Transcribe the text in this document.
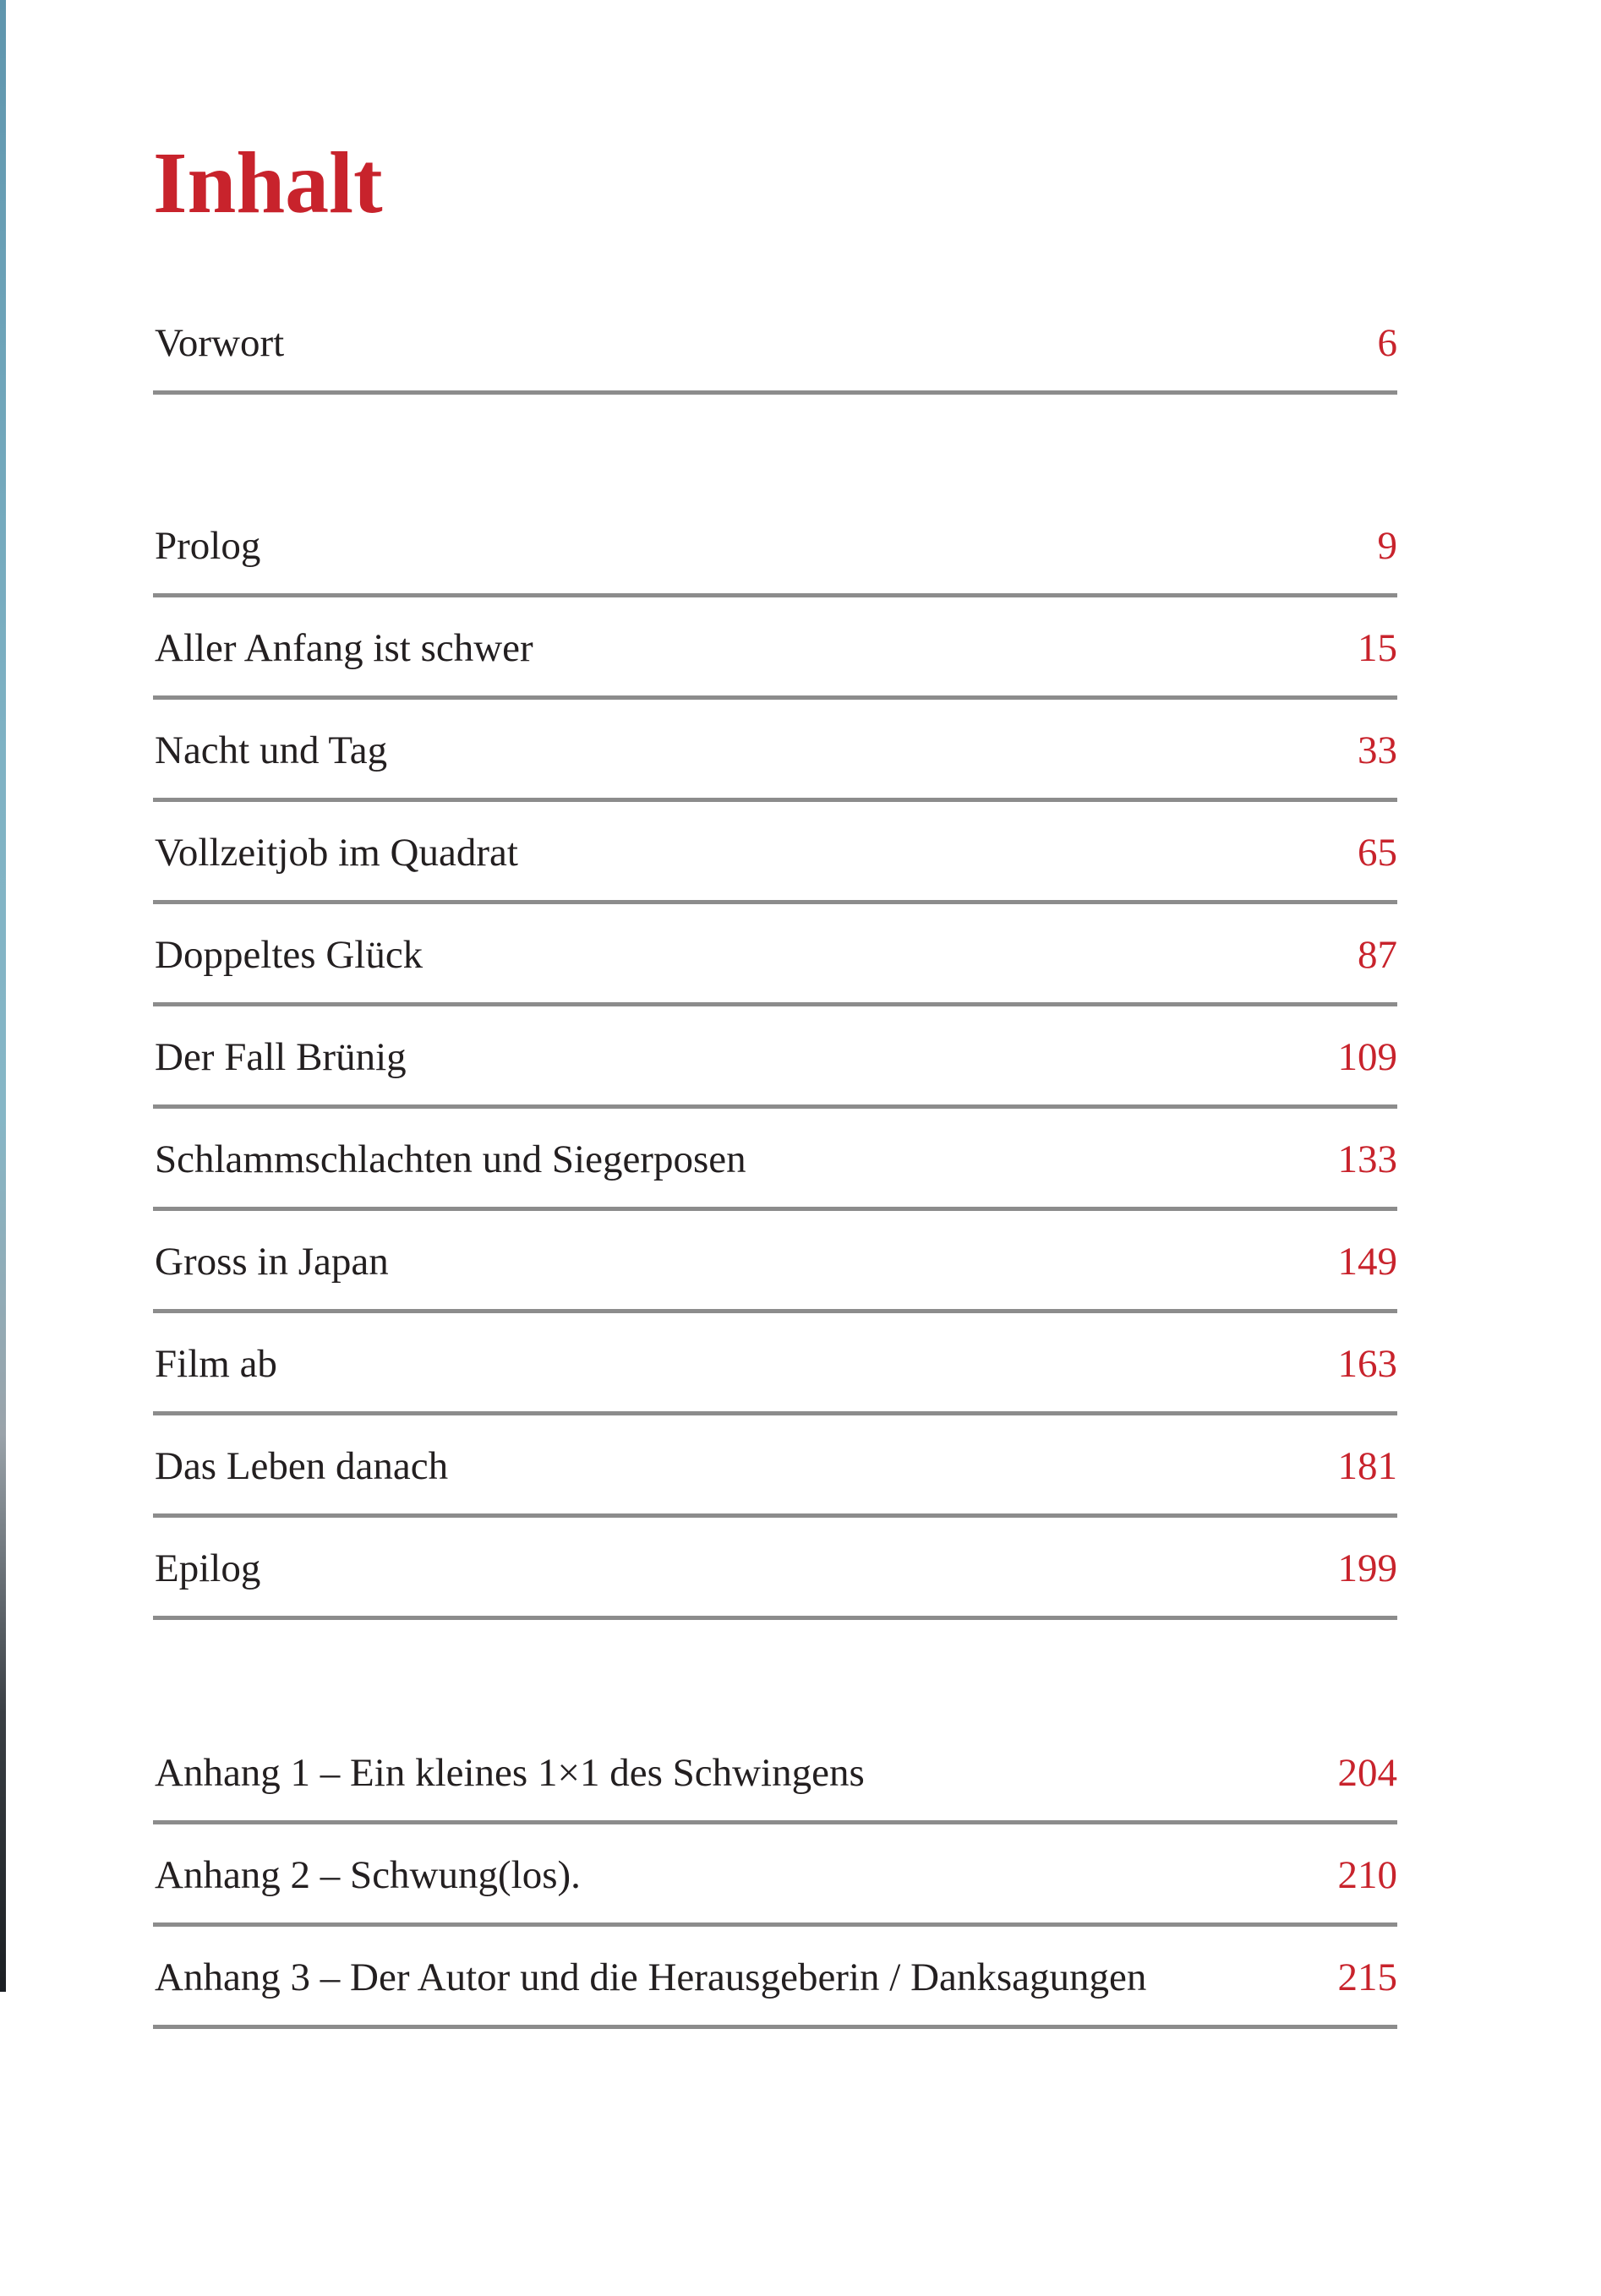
Inhalt
Vorwort	6
Prolog	9
Aller Anfang ist schwer	15
Nacht und Tag	33
Vollzeitjob im Quadrat	65
Doppeltes Glück	87
Der Fall Brünig	109
Schlammschlachten und Siegerposen	133
Gross in Japan	149
Film ab	163
Das Leben danach	181
Epilog	199
Anhang 1 – Ein kleines 1×1 des Schwingens	204
Anhang 2 – Schwung(los).	210
Anhang 3 – Der Autor und die Herausgeberin / Danksagungen	215
